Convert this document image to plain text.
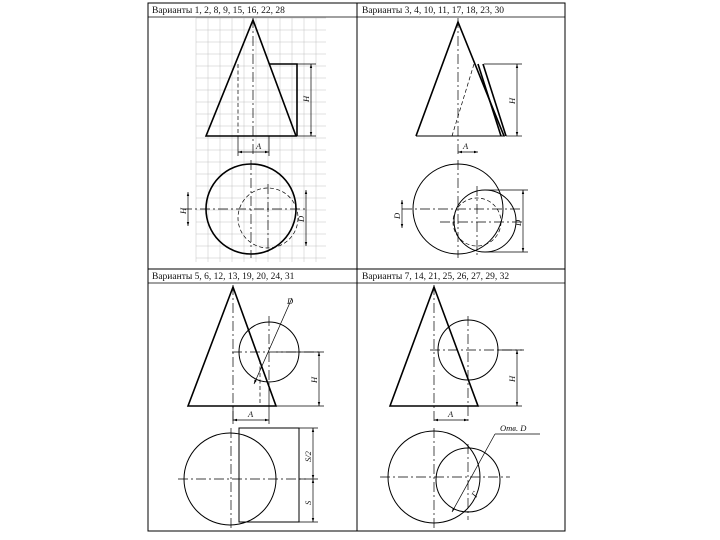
Варианты 1, 2, 8, 9, 15, 16, 22, 28	Варианты 3, 4, 10, 11, 17, 18, 23, 30
Варианты 5, 6, 12, 13, 19, 20, 24, 31	Варианты 7, 14, 21, 25, 26, 27, 29, 32
Н
А
Н
D
Н
А
D
D
D
Н
А
S/2
S
Н
А
Отв. D
Г
